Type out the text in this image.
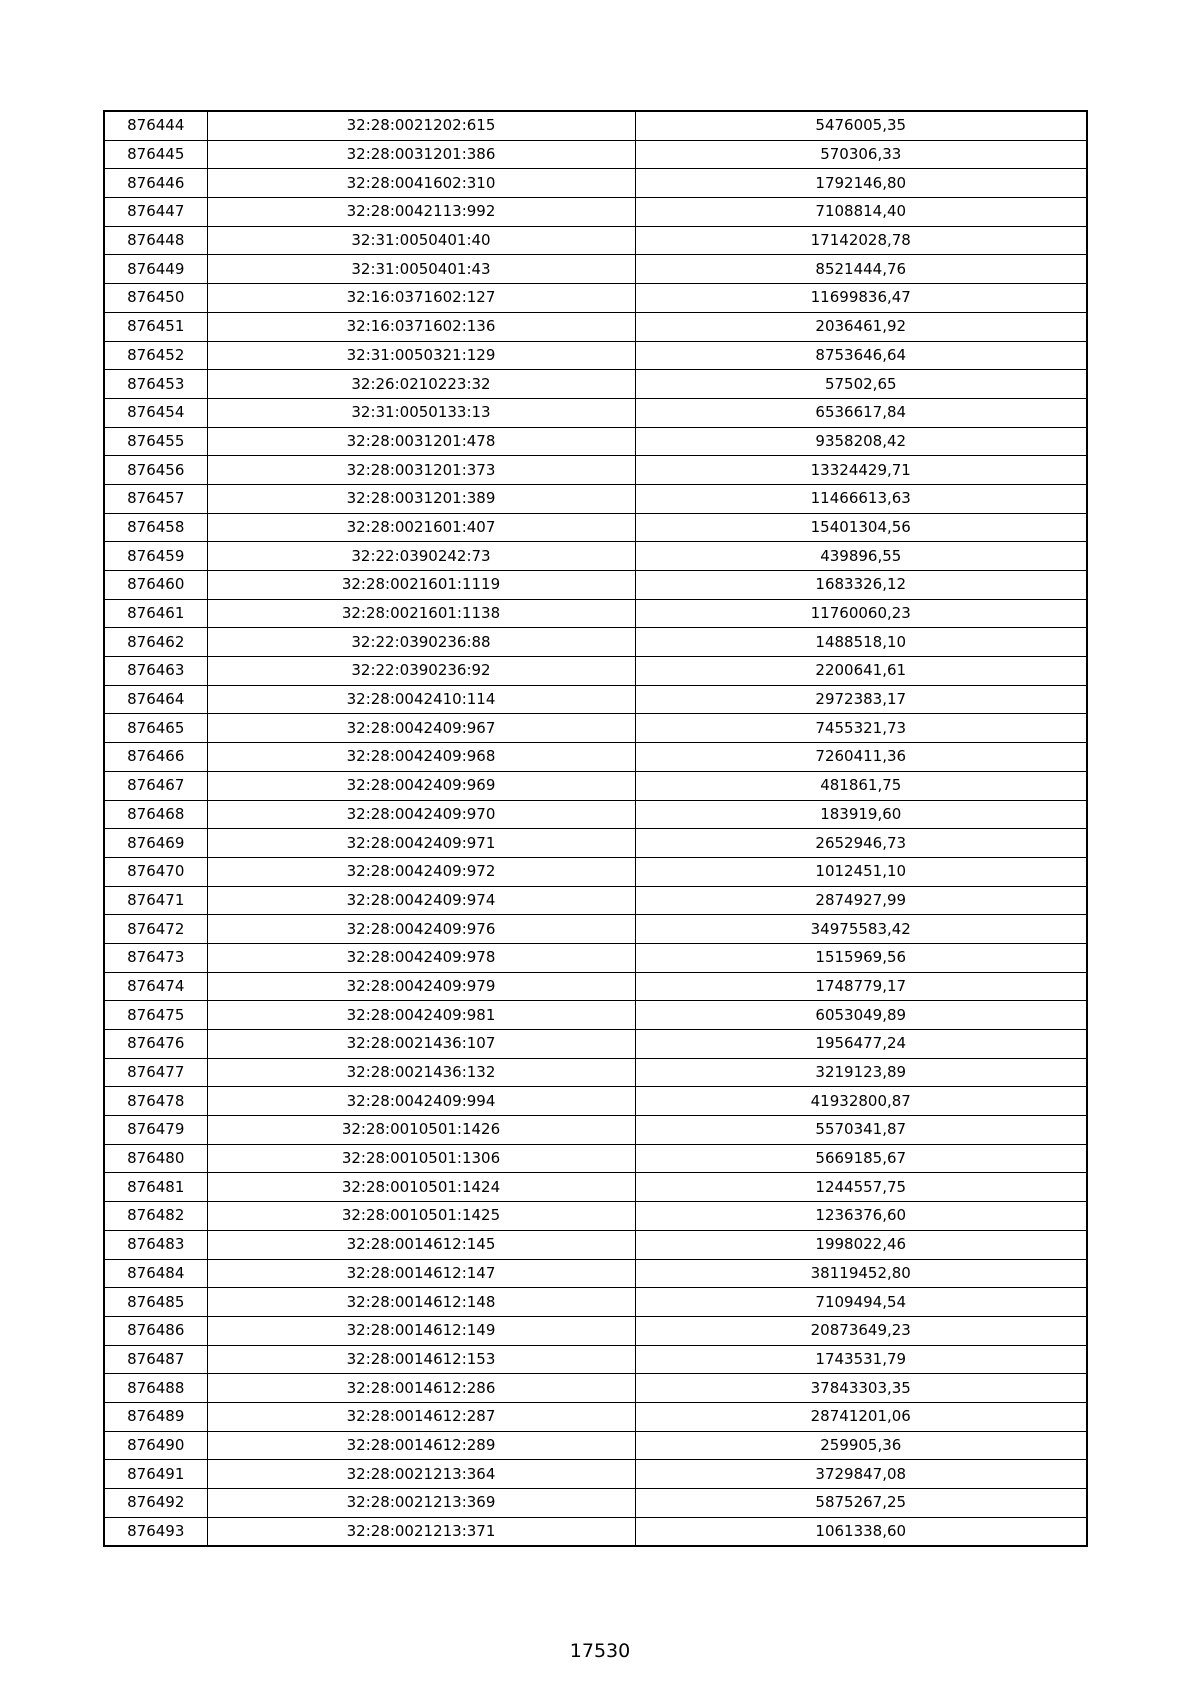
876444	32:28:0021202:615	5476005,35
876445	32:28:0031201:386	570306,33
876446	32:28:0041602:310	1792146,80
876447	32:28:0042113:992	7108814,40
876448	32:31:0050401:40	17142028,78
876449	32:31:0050401:43	8521444,76
876450	32:16:0371602:127	11699836,47
876451	32:16:0371602:136	2036461,92
876452	32:31:0050321:129	8753646,64
876453	32:26:0210223:32	57502,65
876454	32:31:0050133:13	6536617,84
876455	32:28:0031201:478	9358208,42
876456	32:28:0031201:373	13324429,71
876457	32:28:0031201:389	11466613,63
876458	32:28:0021601:407	15401304,56
876459	32:22:0390242:73	439896,55
876460	32:28:0021601:1119	1683326,12
876461	32:28:0021601:1138	11760060,23
876462	32:22:0390236:88	1488518,10
876463	32:22:0390236:92	2200641,61
876464	32:28:0042410:114	2972383,17
876465	32:28:0042409:967	7455321,73
876466	32:28:0042409:968	7260411,36
876467	32:28:0042409:969	481861,75
876468	32:28:0042409:970	183919,60
876469	32:28:0042409:971	2652946,73
876470	32:28:0042409:972	1012451,10
876471	32:28:0042409:974	2874927,99
876472	32:28:0042409:976	34975583,42
876473	32:28:0042409:978	1515969,56
876474	32:28:0042409:979	1748779,17
876475	32:28:0042409:981	6053049,89
876476	32:28:0021436:107	1956477,24
876477	32:28:0021436:132	3219123,89
876478	32:28:0042409:994	41932800,87
876479	32:28:0010501:1426	5570341,87
876480	32:28:0010501:1306	5669185,67
876481	32:28:0010501:1424	1244557,75
876482	32:28:0010501:1425	1236376,60
876483	32:28:0014612:145	1998022,46
876484	32:28:0014612:147	38119452,80
876485	32:28:0014612:148	7109494,54
876486	32:28:0014612:149	20873649,23
876487	32:28:0014612:153	1743531,79
876488	32:28:0014612:286	37843303,35
876489	32:28:0014612:287	28741201,06
876490	32:28:0014612:289	259905,36
876491	32:28:0021213:364	3729847,08
876492	32:28:0021213:369	5875267,25
876493	32:28:0021213:371	1061338,60
17530
